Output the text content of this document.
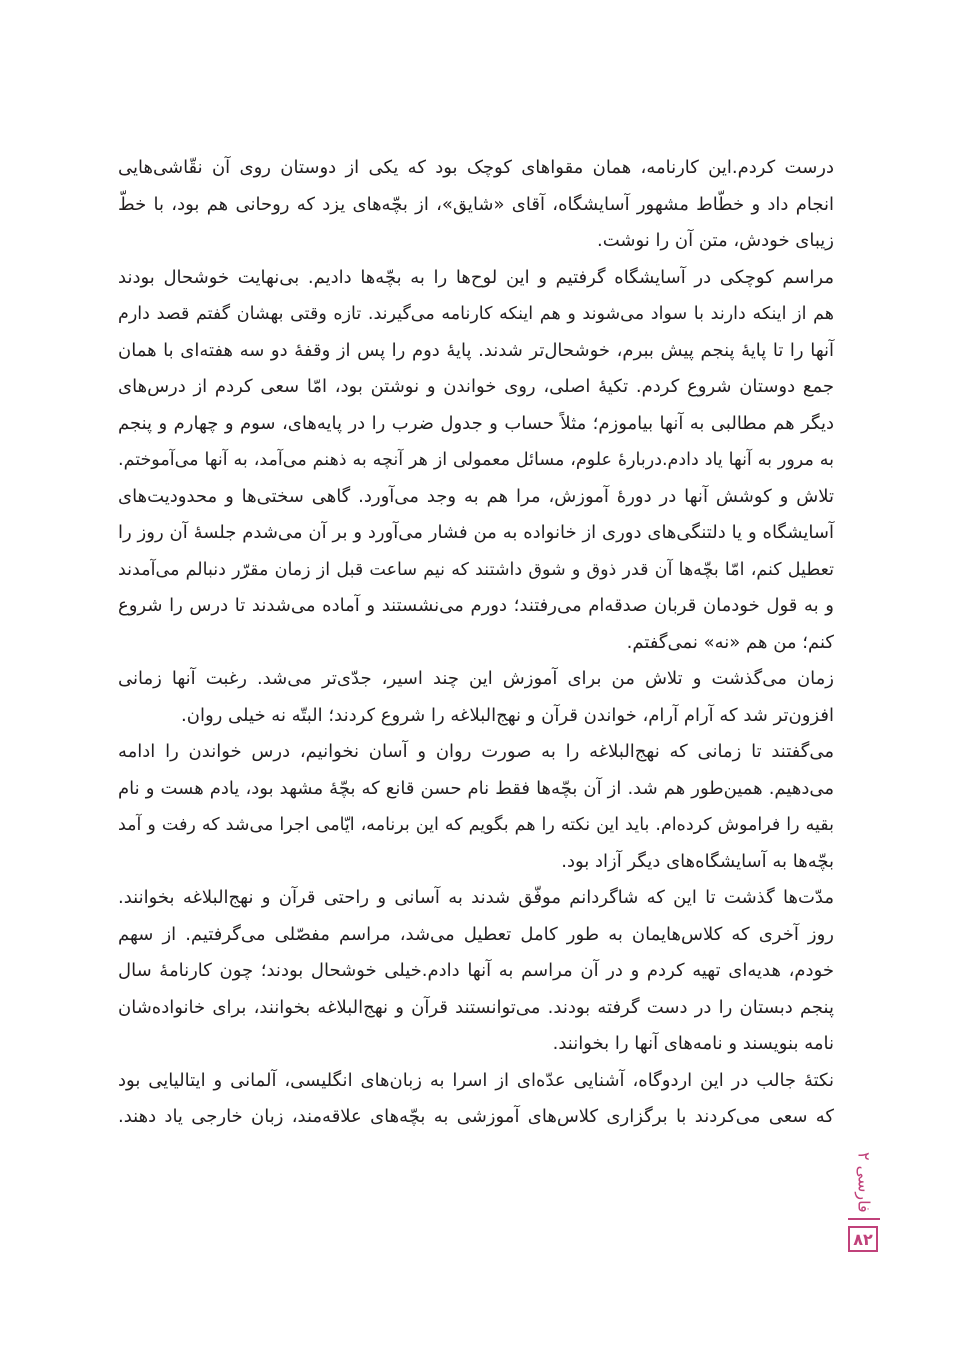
درست کردم.این کارنامه، همان مقواهای کوچک بود که یکی از دوستان روی آن نقّاشی‌هایی
انجام داد و خطّاط مشهور آسایشگاه، آقای «شایق»، از بچّه‌های یزد که روحانی هم بود، با خطّ
زیبای خودش، متن آن را نوشت.
مراسم کوچکی در آسایشگاه گرفتیم و این لوح‌ها را به بچّه‌ها دادیم. بی‌نهایت خوشحال بودند
هم از اینکه دارند با سواد می‌شوند و هم اینکه کارنامه می‌گیرند. تازه وقتی بهشان گفتم قصد دارم
آنها را تا پایهٔ پنجم پیش ببرم، خوشحال‌تر شدند. پایهٔ دوم را پس از وقفهٔ دو سه هفته‌ای با همان
جمع دوستان شروع کردم. تکیهٔ اصلی، روی خواندن و نوشتن بود، امّا سعی کردم از درس‌های
دیگر هم مطالبی به آنها بیاموزم؛ مثلاً حساب و جدول ضرب را در پایه‌های، سوم و چهارم و پنجم
به مرور به آنها یاد دادم.دربارهٔ علوم، مسائل معمولی از هر آنچه به ذهنم می‌آمد، به آنها می‌آموختم.
تلاش و کوشش آنها در دورهٔ آموزش، مرا هم به وجد می‌آورد. گاهی سختی‌ها و محدودیت‌های
آسایشگاه و یا دلتنگی‌های دوری از خانواده به من فشار می‌آورد و بر آن می‌شدم جلسهٔ آن روز را
تعطیل کنم، امّا بچّه‌ها آن قدر ذوق و شوق داشتند که نیم ساعت قبل از زمان مقرّر دنبالم می‌آمدند
و به قول خودمان قربان صدقه‌ام می‌رفتند؛ دورم می‌نشستند و آماده می‌شدند تا درس را شروع
کنم؛ من هم «نه» نمی‌گفتم.
زمان می‌گذشت و تلاش من برای آموزش این چند اسیر، جدّی‌تر می‌شد. رغبت آنها زمانی
افزون‌تر شد که آرام آرام، خواندن قرآن و نهج‌البلاغه را شروع کردند؛ البتّه نه خیلی روان.
می‌گفتند تا زمانی که نهج‌البلاغه را به صورت روان و آسان نخوانیم، درس خواندن را ادامه
می‌دهیم. همین‌طور هم شد. از آن بچّه‌ها فقط نام حسن قانع که بچّهٔ مشهد بود، یادم هست و نام
بقیه را فراموش کرده‌ام. باید این نکته را هم بگویم که این برنامه، ایّامی اجرا می‌شد که رفت و آمد
بچّه‌ها به آسایشگاه‌های دیگر آزاد بود.
مدّت‌ها گذشت تا این که شاگردانم موفّق شدند به آسانی و راحتی قرآن و نهج‌البلاغه بخوانند.
روز آخری که کلاس‌هایمان به طور کامل تعطیل می‌شد، مراسم مفصّلی می‌گرفتیم. از سهم
خودم، هدیه‌ای تهیه کردم و در آن مراسم به آنها دادم.خیلی خوشحال بودند؛ چون کارنامهٔ سال
پنجم دبستان را در دست گرفته بودند. می‌توانستند قرآن و نهج‌البلاغه بخوانند، برای خانواده‌شان
نامه بنویسند و نامه‌های آنها را بخوانند.
نکتهٔ جالب در این اردوگاه، آشنایی عدّه‌ای از اسرا به زبان‌های انگلیسی، آلمانی و ایتالیایی بود
که سعی می‌کردند با برگزاری کلاس‌های آموزشی به بچّه‌های علاقه‌مند، زبان خارجی یاد دهند.
فارسی ۲
۸۲
